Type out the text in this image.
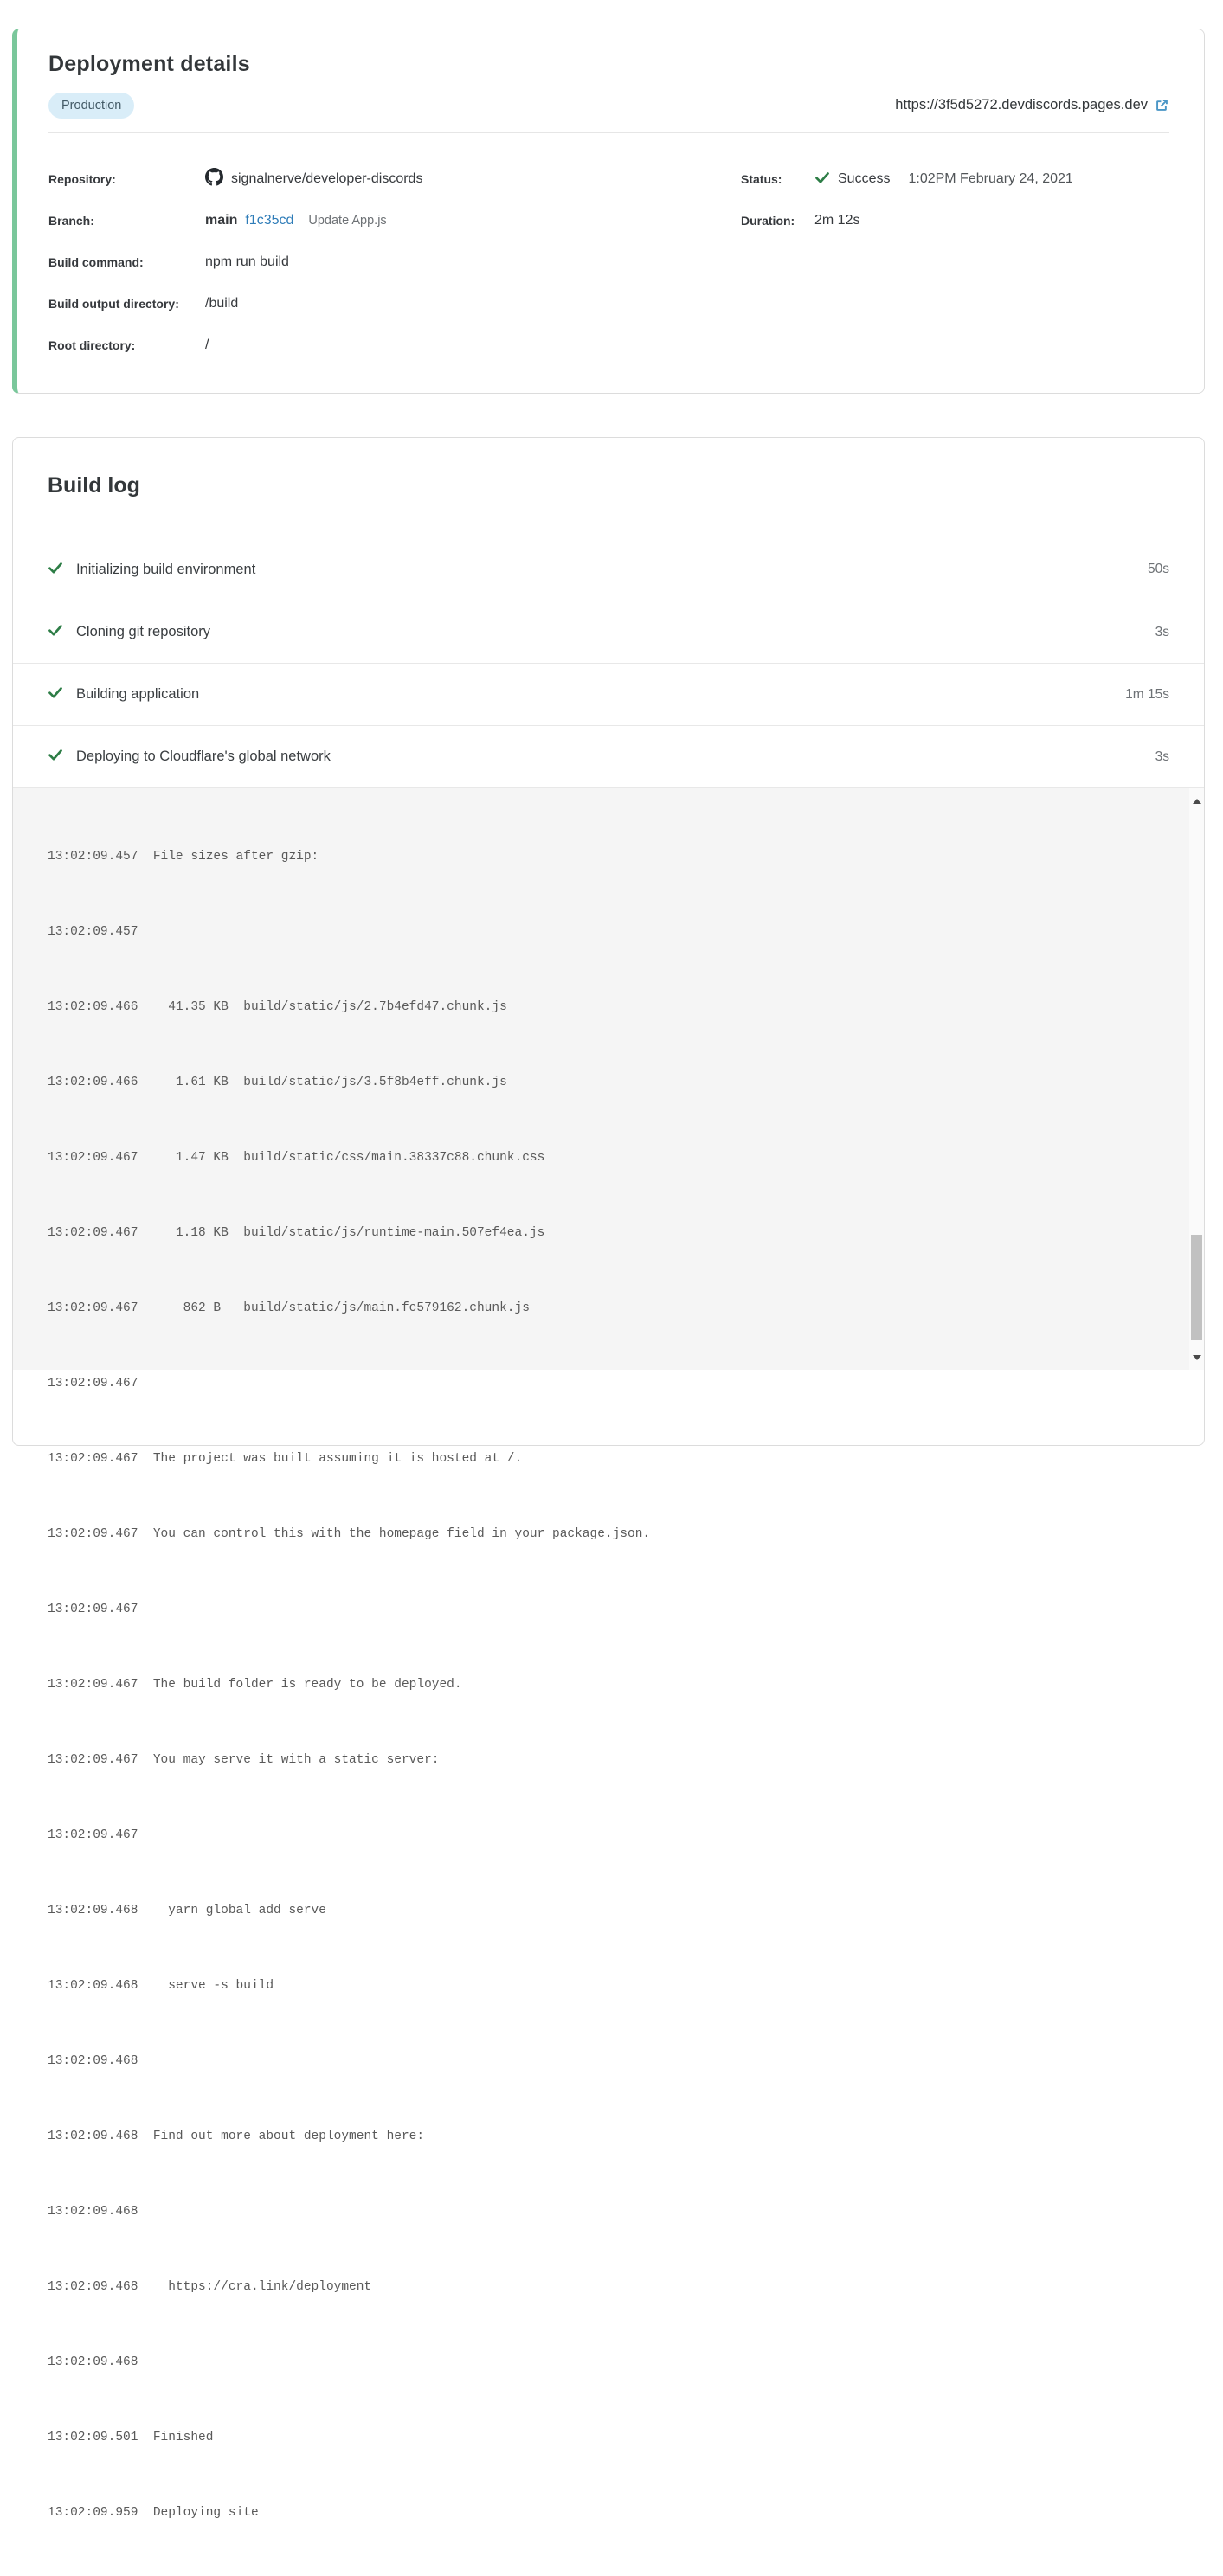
Deployment details
Production	https://3f5d5272.devdiscords.pages.dev
Repository:	signalnerve/developer-discords
Branch:	main f1c35cd Update App.js
Build command:	npm run build
Build output directory:	/build
Root directory:	/
Status:	Success 1:02PM February 24, 2021
Duration:	2m 12s
Build log
Initializing build environment	50s
Cloning git repository	3s
Building application	1m 15s
Deploying to Cloudflare's global network	3s

13:02:09.457  File sizes after gzip:

13:02:09.457

13:02:09.466    41.35 KB  build/static/js/2.7b4efd47.chunk.js

13:02:09.466     1.61 KB  build/static/js/3.5f8b4eff.chunk.js

13:02:09.467     1.47 KB  build/static/css/main.38337c88.chunk.css

13:02:09.467     1.18 KB  build/static/js/runtime-main.507ef4ea.js

13:02:09.467      862 B   build/static/js/main.fc579162.chunk.js

13:02:09.467

13:02:09.467  The project was built assuming it is hosted at /.

13:02:09.467  You can control this with the homepage field in your package.json.

13:02:09.467

13:02:09.467  The build folder is ready to be deployed.

13:02:09.467  You may serve it with a static server:

13:02:09.467

13:02:09.468    yarn global add serve

13:02:09.468    serve -s build

13:02:09.468

13:02:09.468  Find out more about deployment here:

13:02:09.468

13:02:09.468    https://cra.link/deployment

13:02:09.468

13:02:09.501  Finished

13:02:09.959  Deploying site
